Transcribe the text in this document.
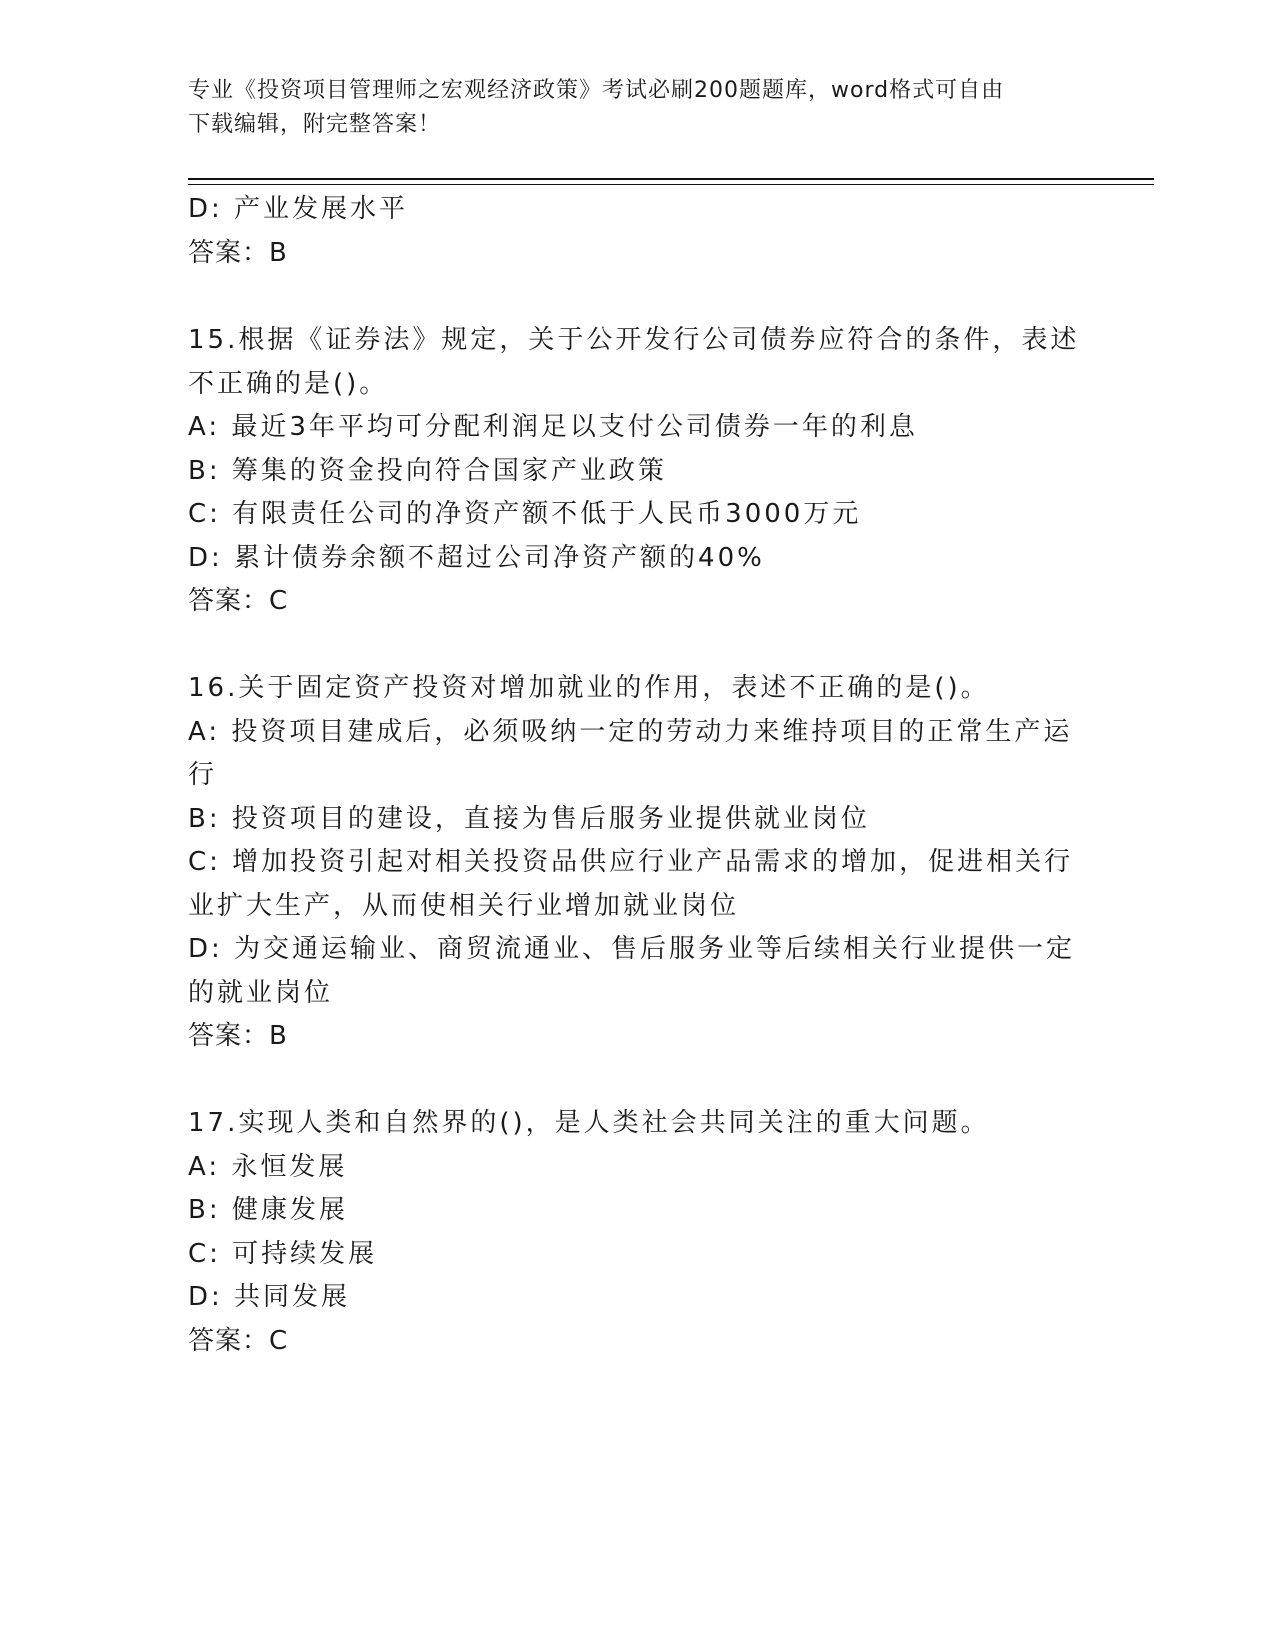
专业《投资项目管理师之宏观经济政策》考试必刷200题题库，word格式可自由
下载编辑，附完整答案！
D: 产业发展水平
答案：B
15.根据《证券法》规定，关于公开发行公司债券应符合的条件，表述
不正确的是()。
A: 最近3年平均可分配利润足以支付公司债券一年的利息
B: 筹集的资金投向符合国家产业政策
C: 有限责任公司的净资产额不低于人民币3000万元
D: 累计债券余额不超过公司净资产额的40%
答案：C
16.关于固定资产投资对增加就业的作用，表述不正确的是()。
A: 投资项目建成后，必须吸纳一定的劳动力来维持项目的正常生产运
行
B: 投资项目的建设，直接为售后服务业提供就业岗位
C: 增加投资引起对相关投资品供应行业产品需求的增加，促进相关行
业扩大生产，从而使相关行业增加就业岗位
D: 为交通运输业、商贸流通业、售后服务业等后续相关行业提供一定
的就业岗位
答案：B
17.实现人类和自然界的()，是人类社会共同关注的重大问题。
A: 永恒发展
B: 健康发展
C: 可持续发展
D: 共同发展
答案：C
